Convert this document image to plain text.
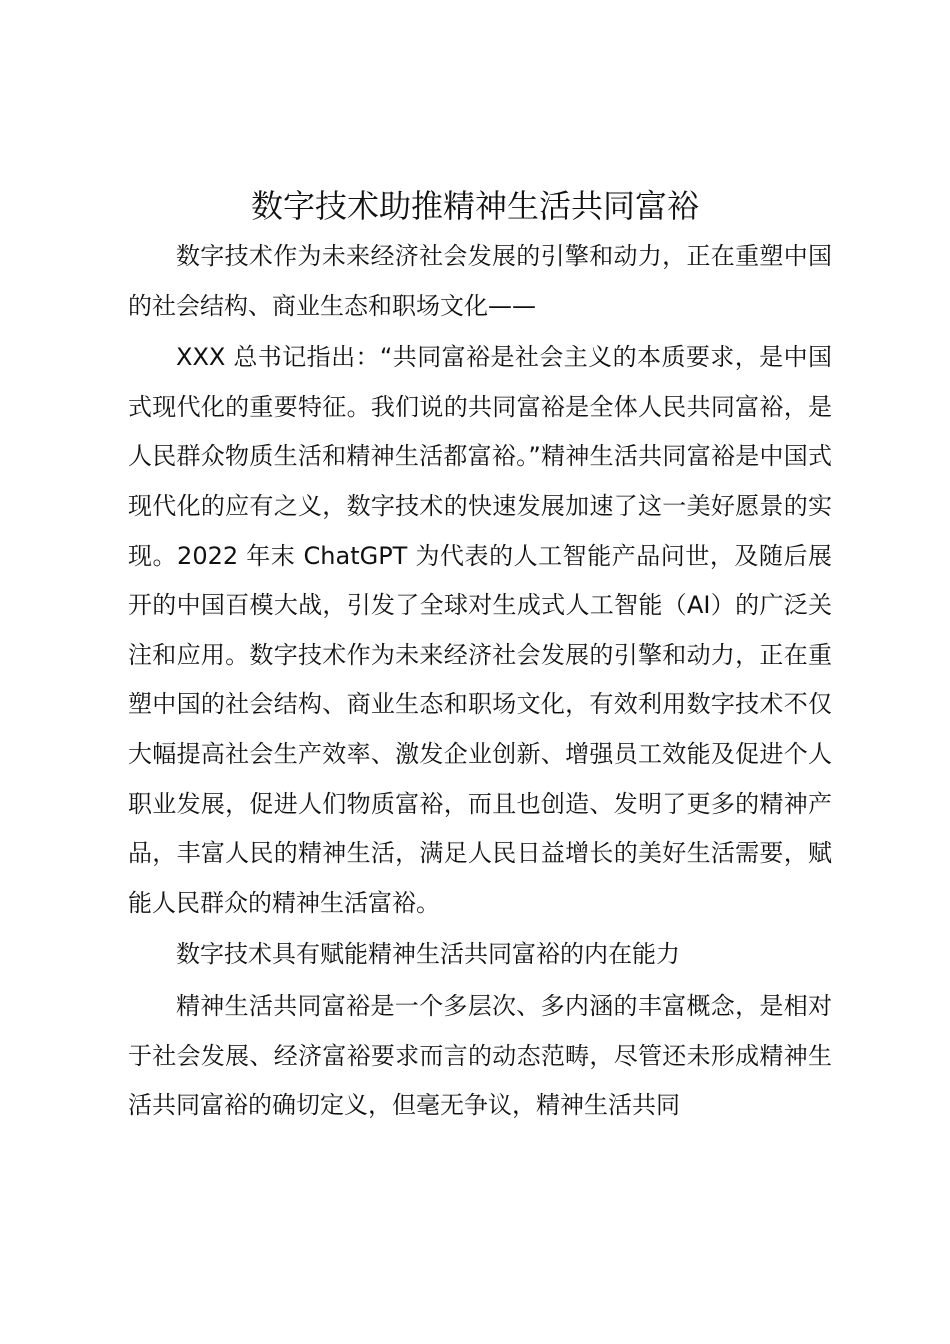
数字技术助推精神生活共同富裕

数字技术作为未来经济社会发展的引擎和动力，正在重塑中国的社会结构、商业生态和职场文化——

XXX 总书记指出：“共同富裕是社会主义的本质要求，是中国式现代化的重要特征。我们说的共同富裕是全体人民共同富裕，是人民群众物质生活和精神生活都富裕。”精神生活共同富裕是中国式现代化的应有之义，数字技术的快速发展加速了这一美好愿景的实现。2022 年末 ChatGPT 为代表的人工智能产品问世，及随后展开的中国百模大战，引发了全球对生成式人工智能（AI）的广泛关注和应用。数字技术作为未来经济社会发展的引擎和动力，正在重塑中国的社会结构、商业生态和职场文化，有效利用数字技术不仅大幅提高社会生产效率、激发企业创新、增强员工效能及促进个人职业发展，促进人们物质富裕，而且也创造、发明了更多的精神产品，丰富人民的精神生活，满足人民日益增长的美好生活需要，赋能人民群众的精神生活富裕。

数字技术具有赋能精神生活共同富裕的内在能力

精神生活共同富裕是一个多层次、多内涵的丰富概念，是相对于社会发展、经济富裕要求而言的动态范畴，尽管还未形成精神生活共同富裕的确切定义，但毫无争议，精神生活共同
